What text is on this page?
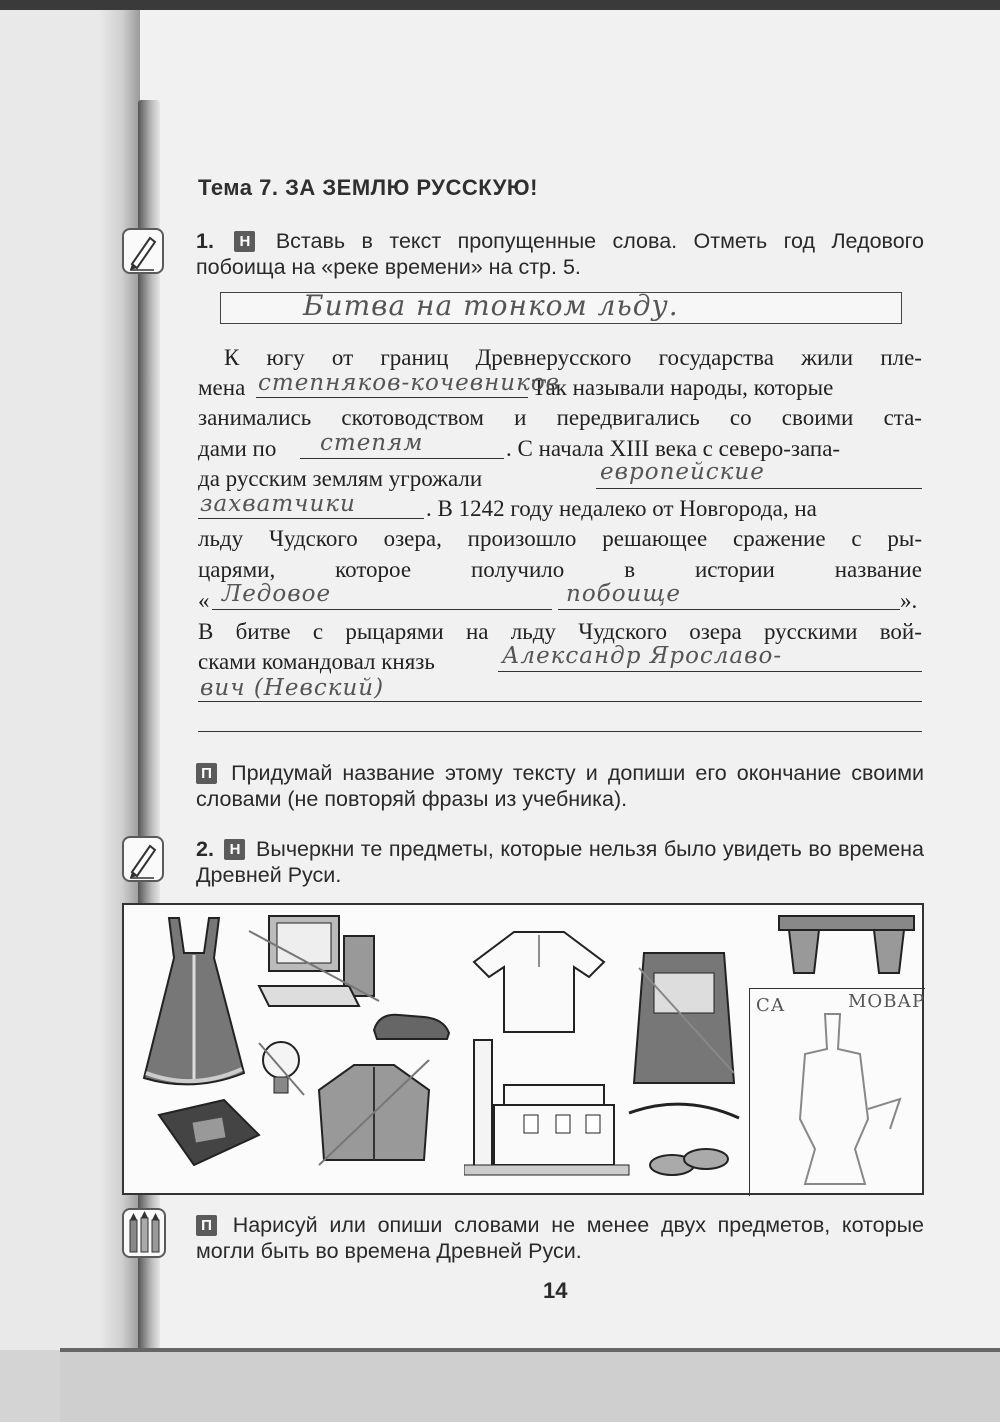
Тема 7. ЗА ЗЕМЛЮ РУССКУЮ!
1. Н Вставь в текст пропущенные слова. Отметь год Ледового побоища на «реке времени» на стр. 5.
Битва на тонком льду.
К югу от границ Древнерусского государства жили пле-
мена	Так называли народы, которые
степняков-кочевников
занимались скотоводством и передвигались со своими ста-
дами по	. С начала XIII века с северо-запа-
степям
да русским землям угрожали	европейские
. В 1242 году недалеко от Новгорода, на
захватчики
льду Чудского озера, произошло решающее сражение с ры-
царями,	которое	получило	в	истории	название
«	».
Ледовое	побоище
В битве с рыцарями на льду Чудского озера русскими вой-
сками командовал князь	Александр Ярославо-
вич (Невский)
П Придумай название этому тексту и допиши его окончание своими словами (не повторяй фразы из учебника).
2. Н Вычеркни те предметы, которые нельзя было увидеть во времена Древней Руси.
СА	МОВАР
П Нарисуй или опиши словами не менее двух предметов, которые могли быть во времена Древней Руси.
14
